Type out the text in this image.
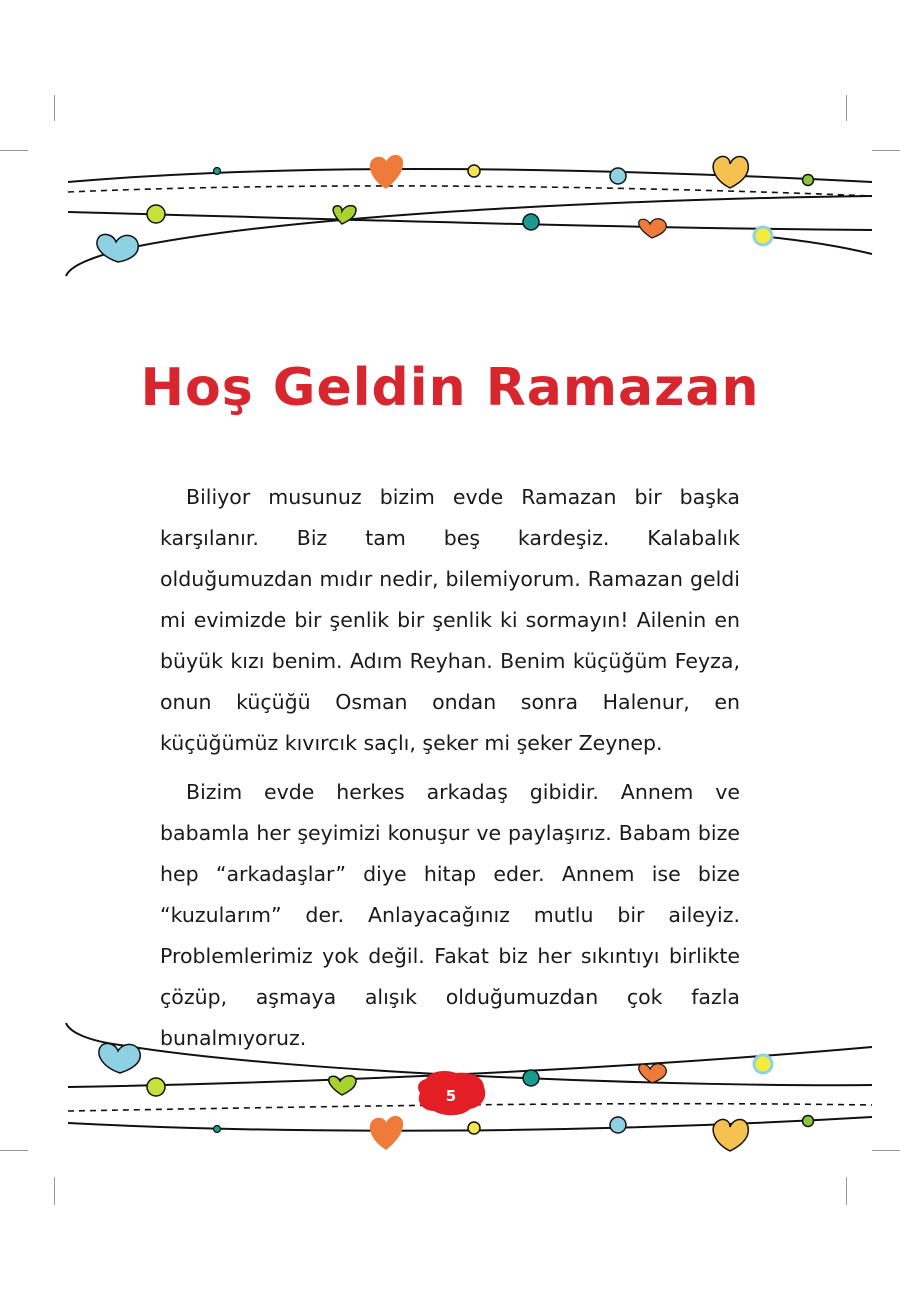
Hoş Geldin Ramazan

Biliyor musunuz bizim evde Ramazan bir başka karşılanır. Biz tam beş kardeşiz. Kalabalık olduğumuzdan mıdır nedir, bilemiyorum. Ramazan geldi mi evimizde bir şenlik bir şenlik ki sormayın! Ailenin en büyük kızı benim. Adım Reyhan. Benim küçüğüm Feyza, onun küçüğü Osman ondan sonra Halenur, en küçüğümüz kıvırcık saçlı, şeker mi şeker Zeynep.

Bizim evde herkes arkadaş gibidir. Annem ve babamla her şeyimizi konuşur ve paylaşırız. Babam bize hep “arkadaşlar” diye hitap eder. Annem ise bize “kuzularım” der. Anlayacağınız mutlu bir aileyiz. Problemlerimiz yok değil. Fakat biz her sıkıntıyı birlikte çözüp, aşmaya alışık olduğumuzdan çok fazla bunalmıyoruz.

5
